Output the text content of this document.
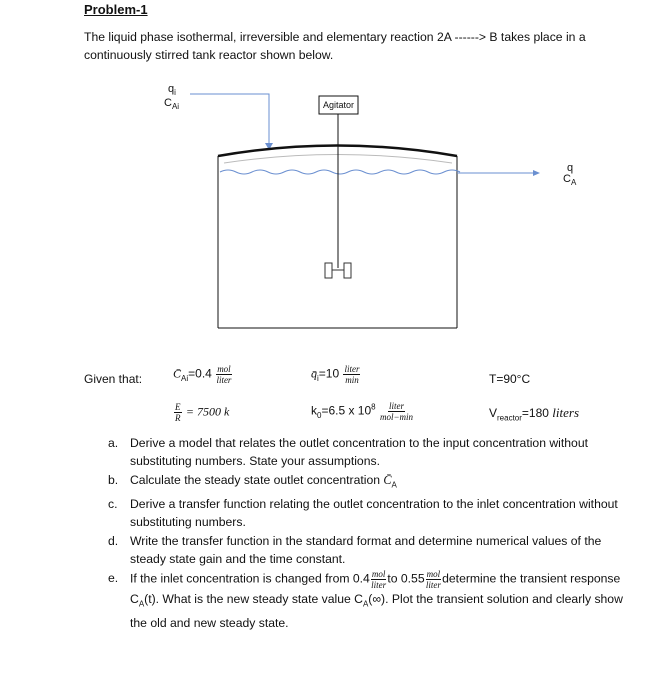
Problem-1
The liquid phase isothermal, irreversible and elementary reaction 2A ------> B takes place in a continuously stirred tank reactor shown below.
$q_i$
$C_{Ai}$	Agitator
q
$C_A$
Given that:	$C̄_{Ai}=0.4 \frac{\text{mol}}{\text{liter}}$	$q̄_i=10 \frac{\text{liter}}{\min}$	T=90°C
$\frac{E}{R} = 7500$ k	$k_0=6.5$ x $10^8 \frac{\text{liter}}{\text{mol−min}}$	$V_{reactor}=180$ liters
a. Derive a model that relates the outlet concentration to the input concentration without substituting numbers. State your assumptions.
b. Calculate the steady state outlet concentration $C̄_A$
c. Derive a transfer function relating the outlet concentration to the inlet concentration without substituting numbers.
d. Write the transfer function in the standard format and determine numerical values of the steady state gain and the time constant.
e. If the inlet concentration is changed from $0.4 \frac{\text{mol}}{\text{liter}}$ to $0.55 \frac{\text{mol}}{\text{liter}}$ determine the transient response $C_A(t)$. What is the new steady state value $C_A(\infty)$. Plot the transient solution and clearly show the old and new steady state.
